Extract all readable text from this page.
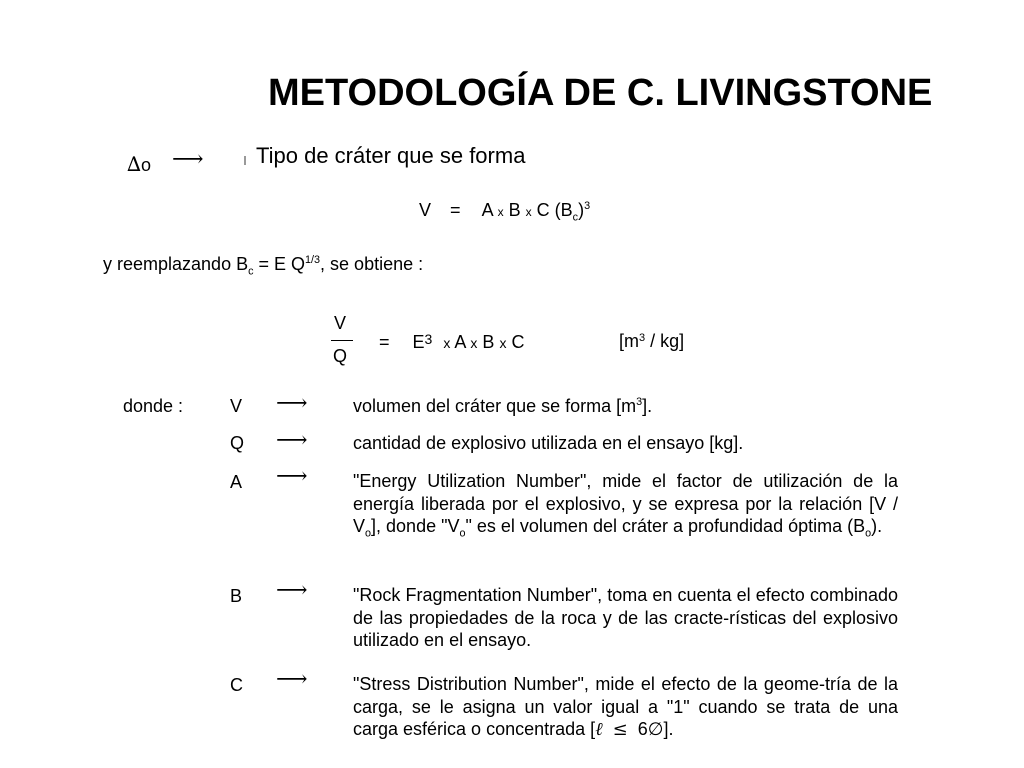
METODOLOGÍA DE C. LIVINGSTONE
∆o ⟶ Tipo de cráter que se forma
V = A x B x C $(B_c)^3$
y reemplazando $B_c = E$ $Q^{1/3}$, se obtiene :
V
Q
= $E^3$ x A x B x C	$[m^3 / kg]$
donde :	V ⟶	volumen del cráter que se forma $[m^3]$.
Q ⟶	cantidad de explosivo utilizada en el ensayo [kg].
A ⟶	"Energy Utilization Number", mide el factor de utilización de la energía liberada por el explosivo, y se expresa por la relación $[V / V_o]$, donde "$V_o$" es el volumen del cráter a profundidad óptima $(B_o)$.
B ⟶	"Rock Fragmentation Number", toma en cuenta el efecto combinado de las propiedades de la roca y de las cracte-rísticas del explosivo utilizado en el ensayo.
C ⟶	"Stress Distribution Number", mide el efecto de la geome-tría de la carga, se le asigna un valor igual a "1" cuando se trata de una carga esférica o concentrada [ℓ ≤ 6∅].
